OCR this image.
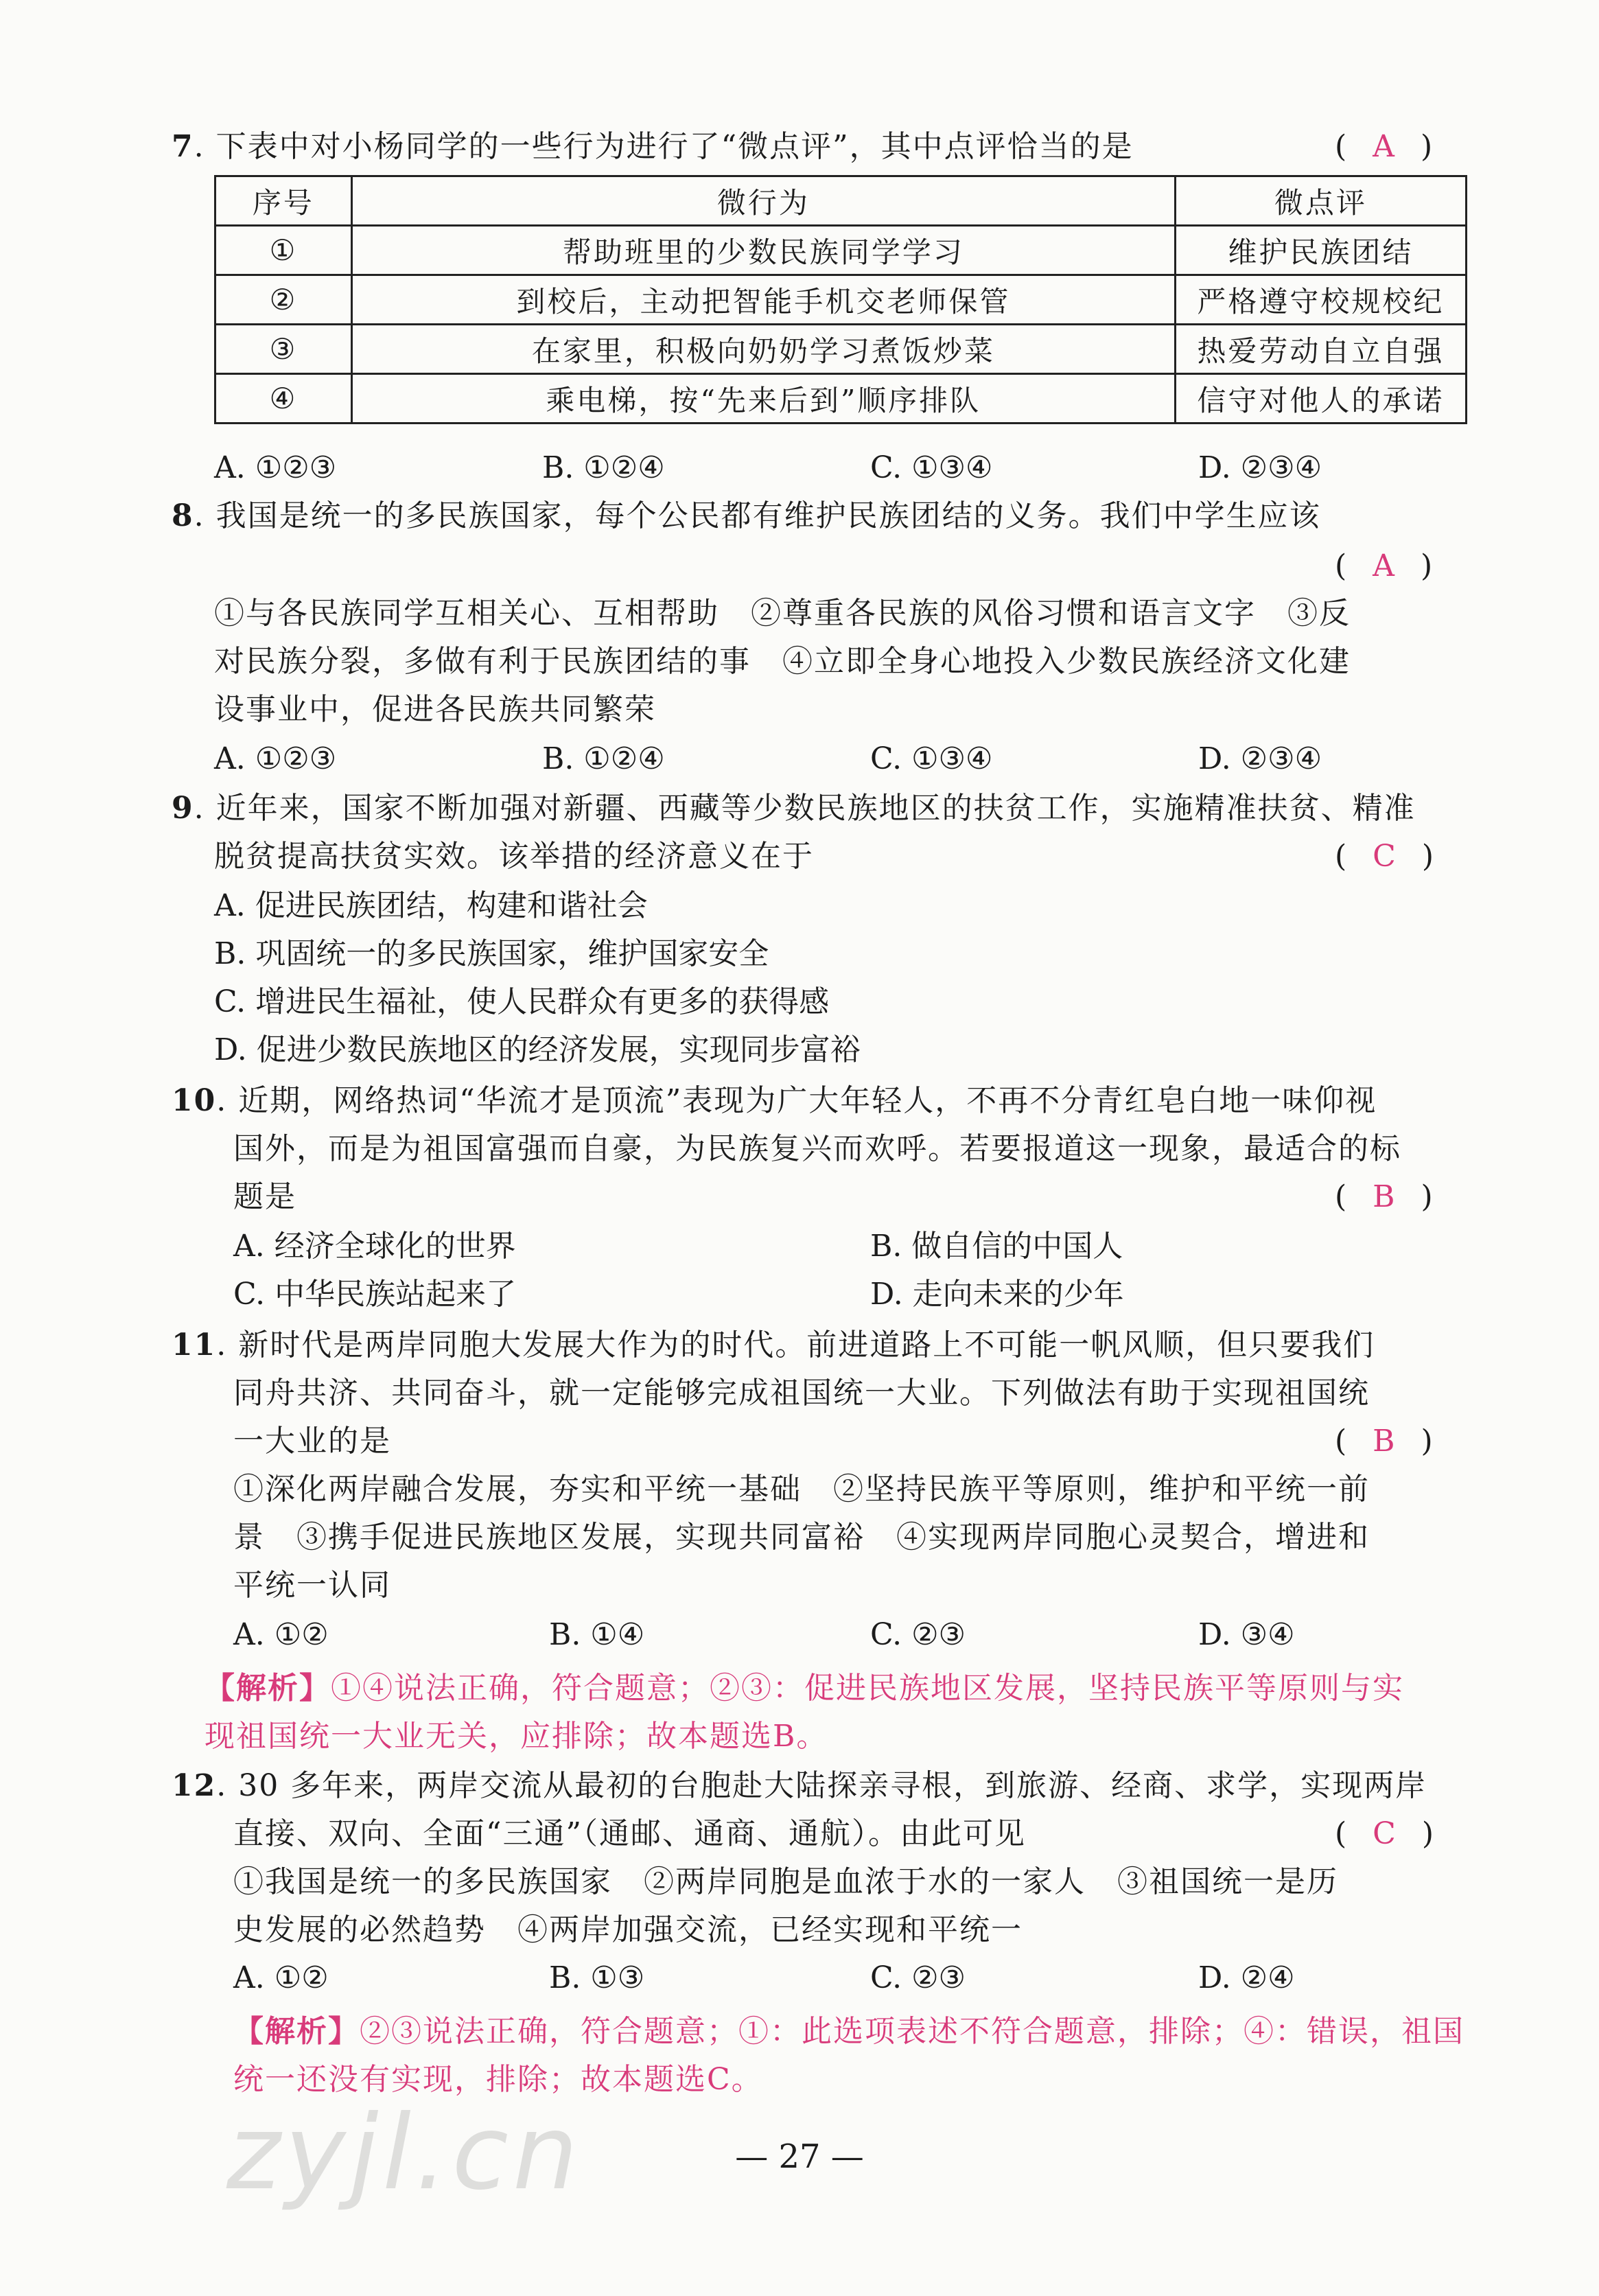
7. 下表中对小杨同学的一些行为进行了“微点评”，其中点评恰当的是	( A )
序号	微行为	微点评
①	帮助班里的少数民族同学学习	维护民族团结
②	到校后，主动把智能手机交老师保管	严格遵守校规校纪
③	在家里，积极向奶奶学习煮饭炒菜	热爱劳动自立自强
④	乘电梯，按“先来后到”顺序排队	信守对他人的承诺
A. ①②③	B. ①②④	C. ①③④	D. ②③④
8. 我国是统一的多民族国家，每个公民都有维护民族团结的义务。我们中学生应该
( A )
①与各民族同学互相关心、互相帮助　②尊重各民族的风俗习惯和语言文字　③反
对民族分裂，多做有利于民族团结的事　④立即全身心地投入少数民族经济文化建
设事业中，促进各民族共同繁荣
A. ①②③	B. ①②④	C. ①③④	D. ②③④
9. 近年来，国家不断加强对新疆、西藏等少数民族地区的扶贫工作，实施精准扶贫、精准
脱贫提高扶贫实效。该举措的经济意义在于	( C )
A. 促进民族团结，构建和谐社会
B. 巩固统一的多民族国家，维护国家安全
C. 增进民生福祉，使人民群众有更多的获得感
D. 促进少数民族地区的经济发展，实现同步富裕
10. 近期，网络热词“华流才是顶流”表现为广大年轻人，不再不分青红皂白地一味仰视
国外，而是为祖国富强而自豪，为民族复兴而欢呼。若要报道这一现象，最适合的标
题是	( B )
A. 经济全球化的世界	B. 做自信的中国人
C. 中华民族站起来了	D. 走向未来的少年
11. 新时代是两岸同胞大发展大作为的时代。前进道路上不可能一帆风顺，但只要我们
同舟共济、共同奋斗，就一定能够完成祖国统一大业。下列做法有助于实现祖国统
一大业的是	( B )
①深化两岸融合发展，夯实和平统一基础　②坚持民族平等原则，维护和平统一前
景　③携手促进民族地区发展，实现共同富裕　④实现两岸同胞心灵契合，增进和
平统一认同
A. ①②	B. ①④	C. ②③	D. ③④
【解析】①④说法正确，符合题意；②③：促进民族地区发展，坚持民族平等原则与实
现祖国统一大业无关，应排除；故本题选B。
12. 30 多年来，两岸交流从最初的台胞赴大陆探亲寻根，到旅游、经商、求学，实现两岸
直接、双向、全面“三通”（通邮、通商、通航）。由此可见	( C )
①我国是统一的多民族国家　②两岸同胞是血浓于水的一家人　③祖国统一是历
史发展的必然趋势　④两岸加强交流，已经实现和平统一
A. ①②	B. ①③	C. ②③	D. ②④
【解析】②③说法正确，符合题意；①：此选项表述不符合题意，排除；④：错误，祖国
统一还没有实现，排除；故本题选C。
zyjl.cn	— 27 —
